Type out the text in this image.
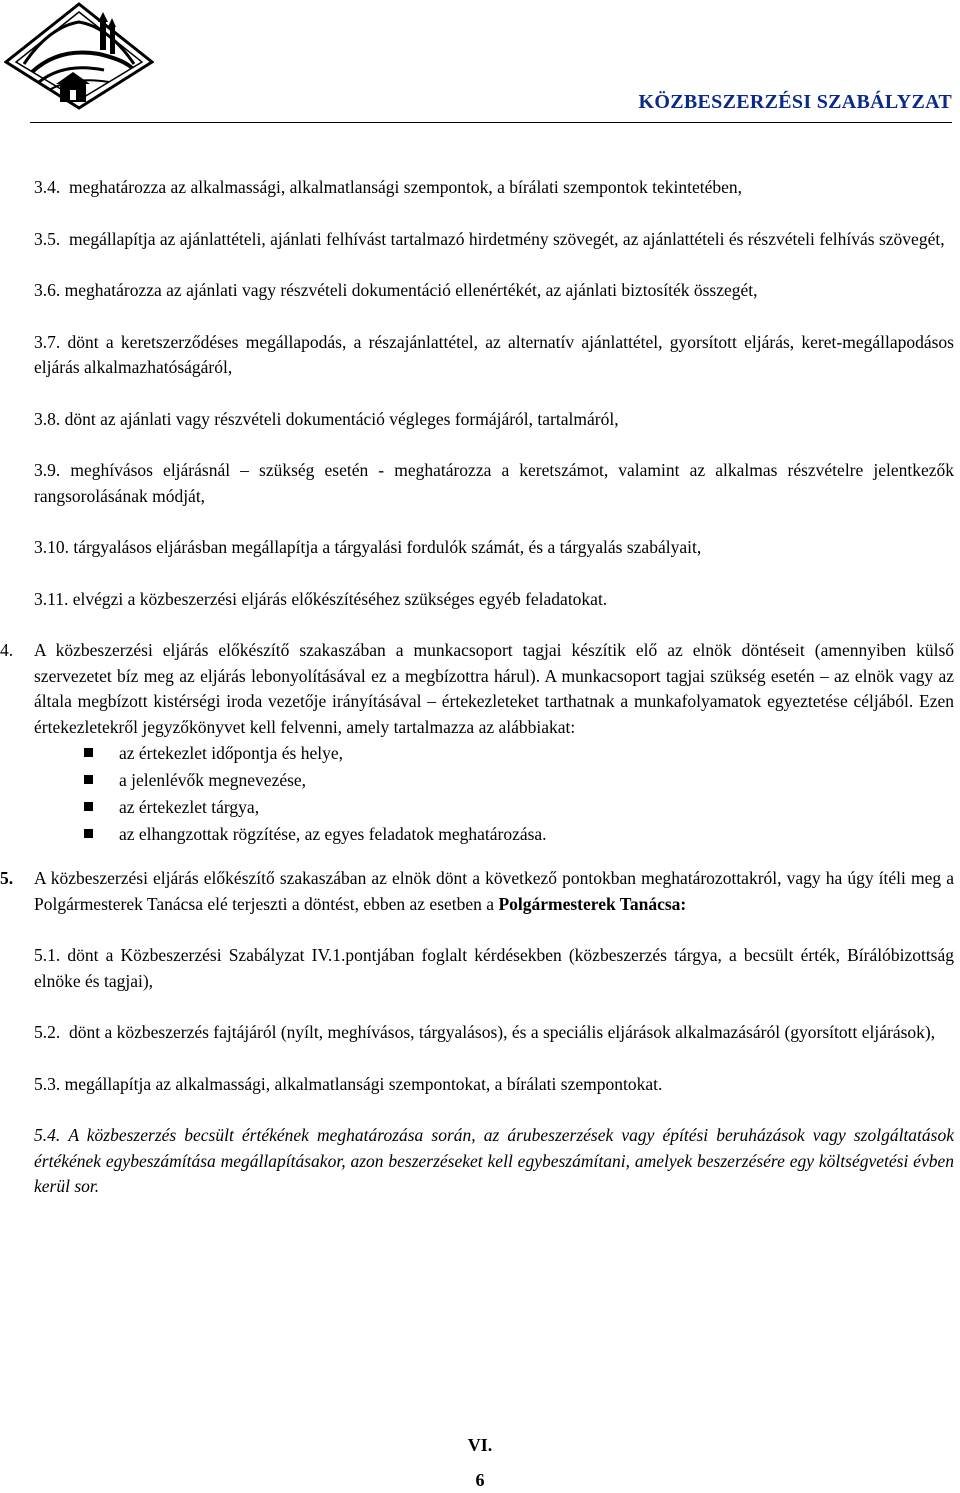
KÖZBESZERZÉSI SZABÁLYZAT

3.4. meghatározza az alkalmassági, alkalmatlansági szempontok, a bírálati szempontok tekintetében,

3.5. megállapítja az ajánlattételi, ajánlati felhívást tartalmazó hirdetmény szövegét, az ajánlattételi és részvételi felhívás szövegét,

3.6. meghatározza az ajánlati vagy részvételi dokumentáció ellenértékét, az ajánlati biztosíték összegét,

3.7. dönt a keretszerződéses megállapodás, a részajánlattétel, az alternatív ajánlattétel, gyorsított eljárás, keret-megállapodásos eljárás alkalmazhatóságáról,

3.8. dönt az ajánlati vagy részvételi dokumentáció végleges formájáról, tartalmáról,

3.9. meghívásos eljárásnál – szükség esetén - meghatározza a keretszámot, valamint az alkalmas részvételre jelentkezők rangsorolásának módját,

3.10. tárgyalásos eljárásban megállapítja a tárgyalási fordulók számát, és a tárgyalás szabályait,

3.11. elvégzi a közbeszerzési eljárás előkészítéséhez szükséges egyéb feladatokat.

4. A közbeszerzési eljárás előkészítő szakaszában a munkacsoport tagjai készítik elő az elnök döntéseit (amennyiben külső szervezetet bíz meg az eljárás lebonyolításával ez a megbízottra hárul). A munkacsoport tagjai szükség esetén – az elnök vagy az általa megbízott kistérségi iroda vezetője irányításával – értekezleteket tarthatnak a munkafolyamatok egyeztetése céljából. Ezen értekezletekről jegyzőkönyvet kell felvenni, amely tartalmazza az alábbiakat:
az értekezlet időpontja és helye,
a jelenlévők megnevezése,
az értekezlet tárgya,
az elhangzottak rögzítése, az egyes feladatok meghatározása.
5. A közbeszerzési eljárás előkészítő szakaszában az elnök dönt a következő pontokban meghatározottakról, vagy ha úgy ítéli meg a Polgármesterek Tanácsa elé terjeszti a döntést, ebben az esetben a Polgármesterek Tanácsa:

5.1. dönt a Közbeszerzési Szabályzat IV.1.pontjában foglalt kérdésekben (közbeszerzés tárgya, a becsült érték, Bírálóbizottság elnöke és tagjai),

5.2. dönt a közbeszerzés fajtájáról (nyílt, meghívásos, tárgyalásos), és a speciális eljárások alkalmazásáról (gyorsított eljárások),

5.3. megállapítja az alkalmassági, alkalmatlansági szempontokat, a bírálati szempontokat.

5.4. A közbeszerzés becsült értékének meghatározása során, az árubeszerzések vagy építési beruházások vagy szolgáltatások értékének egybeszámítása megállapításakor, azon beszerzéseket kell egybeszámítani, amelyek beszerzésére egy költségvetési évben kerül sor.

VI.
6
